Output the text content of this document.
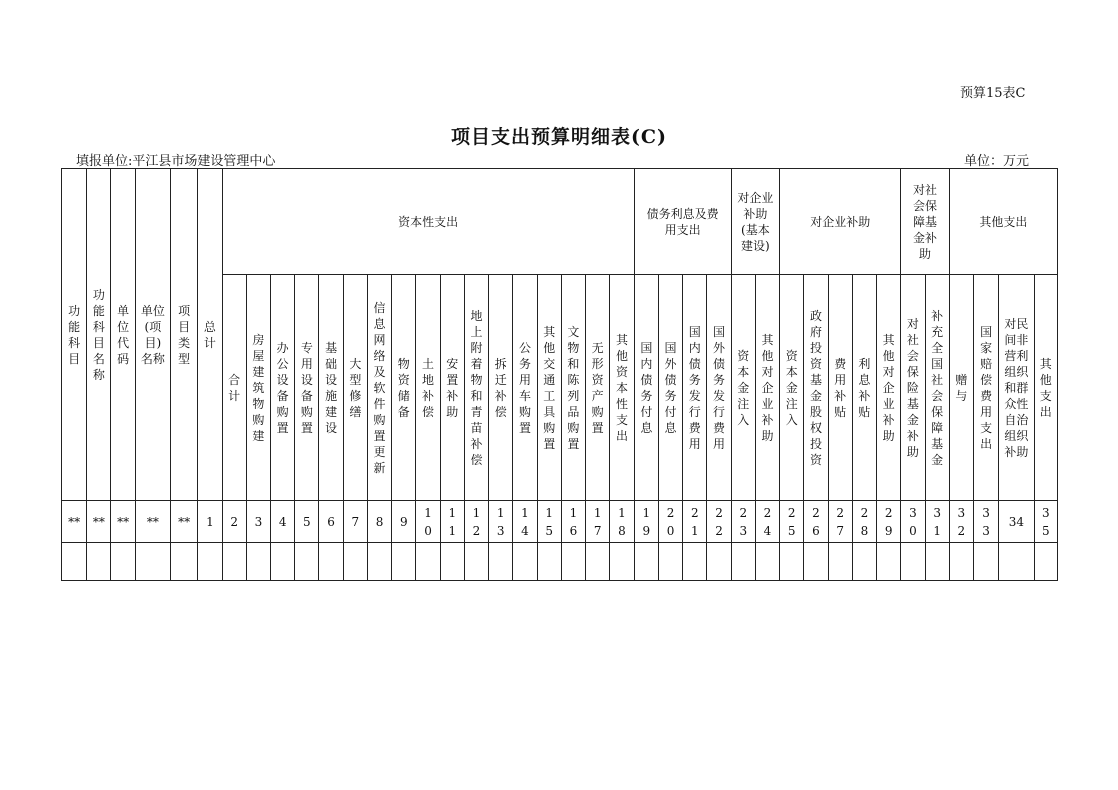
预算15表C
项目支出预算明细表(C)
填报单位:平江县市场建设管理中心	单位：万元
功能科目	功能科目名称	单位代码	单位(项目)名称	项目类型	总计	资本性支出																	债务利息及费用支出				对企业补助(基本建设)		对企业补助					对社会保障基金补助		其他支出			

						合计	房屋建筑物购建	办公设备购置	专用设备购置	基础设施建设	大型修缮	信息网络及软件购置更新	物资储备	土地补偿	安置补助	地上附着物和青苗补偿	拆迁补偿	公务用车购置	其他交通工具购置	文物和陈列品购置	无形资产购置	其他资本性支出	国内债务付息	国外债务付息	国内债务发行费用	国外债务发行费用	资本金注入	其他对企业补助	资本金注入	政府投资基金股权投资	费用补贴	利息补贴	其他对企业补助	对社会保险基金补助	补充全国社会保障基金	赠与	国家赔偿费用支出	对民间非营利组织和群众性自治组织补助	其他支出

**	**	**	**	**	1	2	3	4	5	6	7	8	9	10	11	12	13	14	15	16	17	18	19	20	21	22	23	24	25	26	27	28	29	30	31	32	33	34	35
